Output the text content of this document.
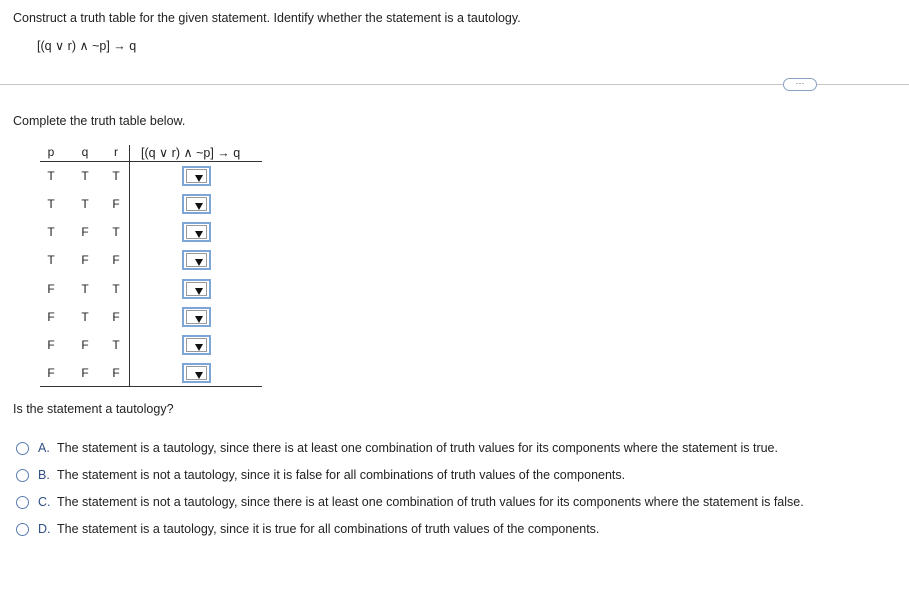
Construct a truth table for the given statement. Identify whether the statement is a tautology.
[(q ∨ r) ∧ ~p] → q
···
Complete the truth table below.
p	q	r	[(q ∨ r) ∧ ~p] → q
T	T	T
T	T	F
T	F	T
T	F	F
F	T	T
F	T	F
F	F	T
F	F	F
Is the statement a tautology?
A. The statement is a tautology, since there is at least one combination of truth values for its components where the statement is true.
B. The statement is not a tautology, since it is false for all combinations of truth values of the components.
C. The statement is not a tautology, since there is at least one combination of truth values for its components where the statement is false.
D. The statement is a tautology, since it is true for all combinations of truth values of the components.
